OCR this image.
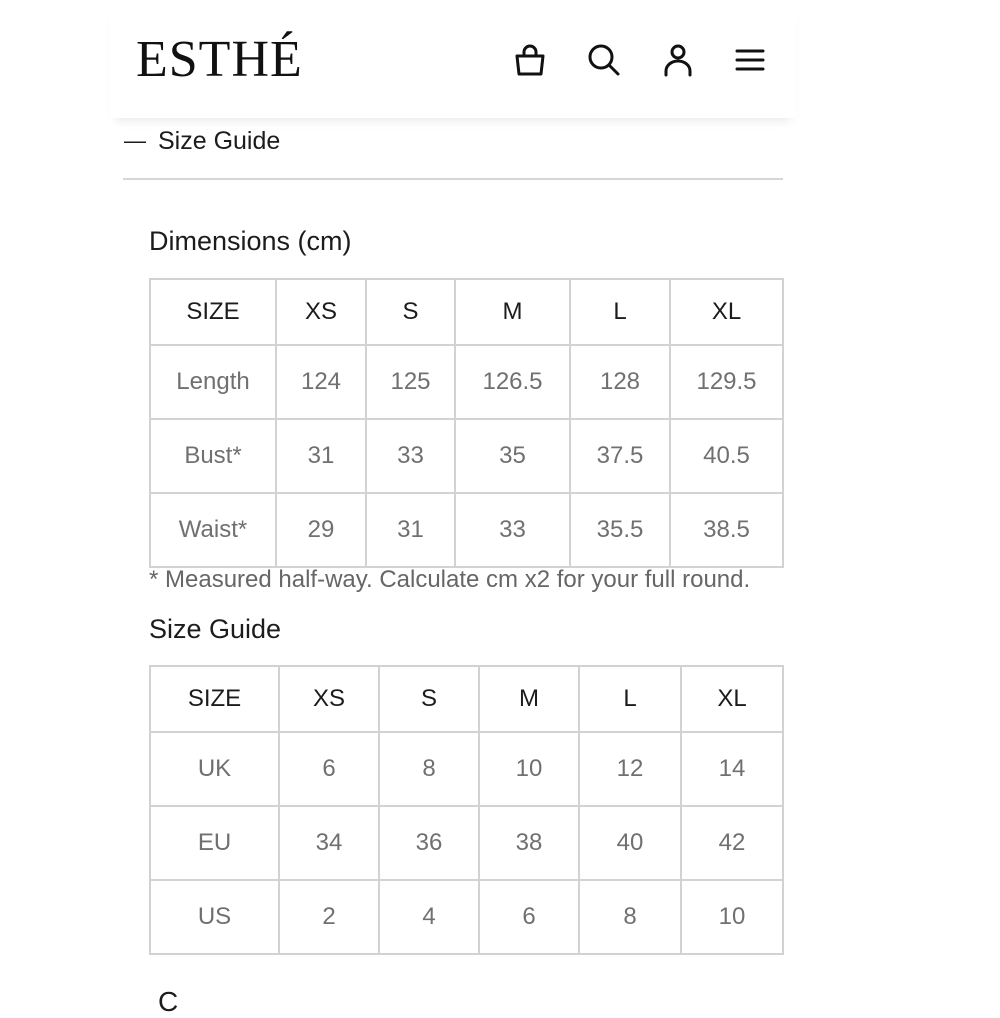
ESTHÉ
— Size Guide
Dimensions (cm)
SIZE	XS	S	M	L	XL
Length	124	125	126.5	128	129.5
Bust*	31	33	35	37.5	40.5
Waist*	29	31	33	35.5	38.5
* Measured half-way. Calculate cm x2 for your full round.
Size Guide
SIZE	XS	S	M	L	XL
UK	6	8	10	12	14
EU	34	36	38	40	42
US	2	4	6	8	10
C
